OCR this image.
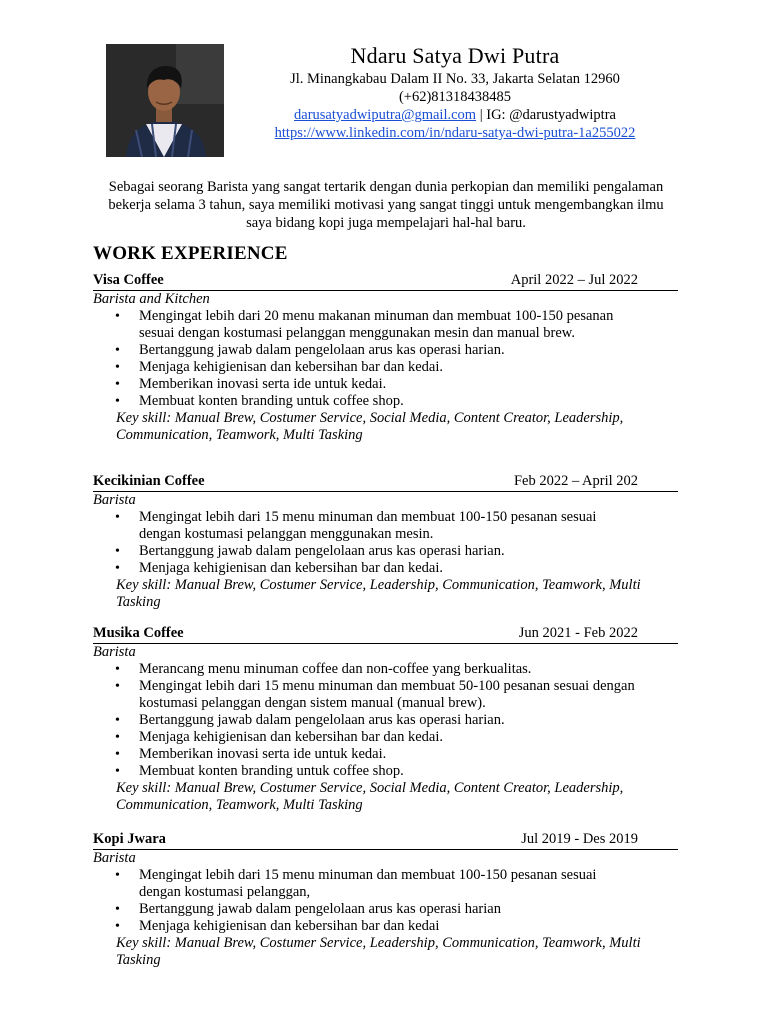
Ndaru Satya Dwi Putra
Jl. Minangkabau Dalam II No. 33, Jakarta Selatan 12960
(+62)81318438485
darusatyadwiputra@gmail.com | IG: @darustyadwiptra
https://www.linkedin.com/in/ndaru-satya-dwi-putra-1a255022
Sebagai seorang Barista yang sangat tertarik dengan dunia perkopian dan memiliki pengalaman bekerja selama 3 tahun, saya memiliki motivasi yang sangat tinggi untuk mengembangkan ilmu saya bidang kopi juga mempelajari hal-hal baru.
WORK EXPERIENCE
Visa Coffee	April 2022 – Jul 2022
Barista and Kitchen
• Mengingat lebih dari 20 menu makanan minuman dan membuat 100-150 pesanan sesuai dengan kostumasi pelanggan menggunakan mesin dan manual brew.
• Bertanggung jawab dalam pengelolaan arus kas operasi harian.
• Menjaga kehigienisan dan kebersihan bar dan kedai.
• Memberikan inovasi serta ide untuk kedai.
• Membuat konten branding untuk coffee shop.
Key skill: Manual Brew, Costumer Service, Social Media, Content Creator, Leadership, Communication, Teamwork, Multi Tasking
Kecikinian Coffee	Feb 2022 – April 202
Barista
• Mengingat lebih dari 15 menu minuman dan membuat 100-150 pesanan sesuai dengan kostumasi pelanggan menggunakan mesin.
• Bertanggung jawab dalam pengelolaan arus kas operasi harian.
• Menjaga kehigienisan dan kebersihan bar dan kedai.
Key skill: Manual Brew, Costumer Service, Leadership, Communication, Teamwork, Multi Tasking
Musika Coffee	Jun 2021 - Feb 2022
Barista
• Merancang menu minuman coffee dan non-coffee yang berkualitas.
• Mengingat lebih dari 15 menu minuman dan membuat 50-100 pesanan sesuai dengan kostumasi pelanggan dengan sistem manual (manual brew).
• Bertanggung jawab dalam pengelolaan arus kas operasi harian.
• Menjaga kehigienisan dan kebersihan bar dan kedai.
• Memberikan inovasi serta ide untuk kedai.
• Membuat konten branding untuk coffee shop.
Key skill: Manual Brew, Costumer Service, Social Media, Content Creator, Leadership, Communication, Teamwork, Multi Tasking
Kopi Jwara	Jul 2019 - Des 2019
Barista
• Mengingat lebih dari 15 menu minuman dan membuat 100-150 pesanan sesuai dengan kostumasi pelanggan,
• Bertanggung jawab dalam pengelolaan arus kas operasi harian
• Menjaga kehigienisan dan kebersihan bar dan kedai
Key skill: Manual Brew, Costumer Service, Leadership, Communication, Teamwork, Multi Tasking
